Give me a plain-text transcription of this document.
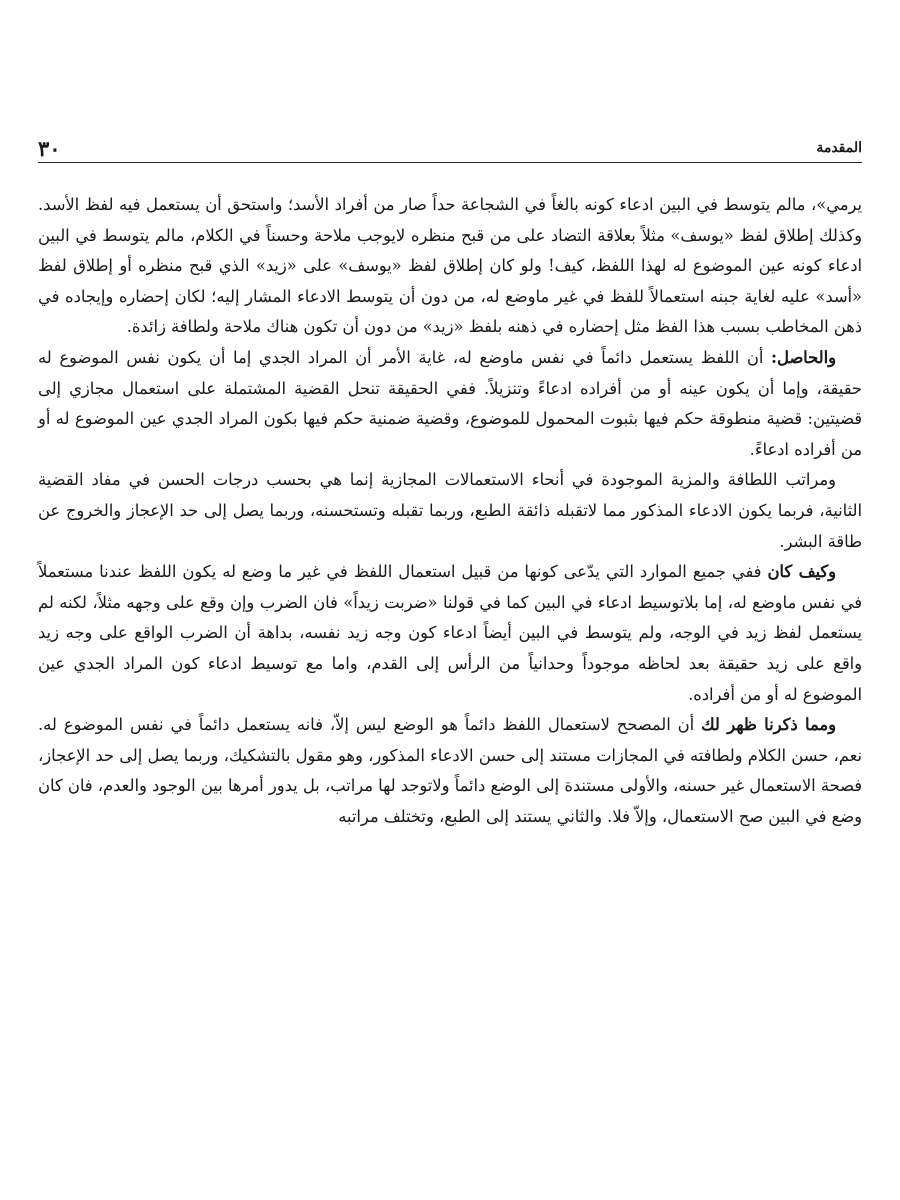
٣٠	المقدمة

يرمي»، مالم يتوسط في البين ادعاء كونه بالغاً في الشجاعة حداً صار من أفراد الأسد؛ واستحق أن يستعمل فيه لفظ الأسد. وكذلك إطلاق لفظ «يوسف» مثلاً بعلاقة التضاد على من قبح منظره لايوجب ملاحة وحسناً في الكلام، مالم يتوسط في البين ادعاء كونه عين الموضوع له لهذا اللفظ، كيف! ولو كان إطلاق لفظ «يوسف» على «زيد» الذي قبح منظره أو إطلاق لفظ «أسد» عليه لغاية جبنه استعمالاً للفظ في غير ماوضع له، من دون أن يتوسط الادعاء المشار إليه؛ لكان إحضاره وإيجاده في ذهن المخاطب بسبب هذا الفظ مثل إحضاره في ذهنه بلفظ «زيد» من دون أن تكون هناك ملاحة ولطافة زائدة.

والحاصل: أن اللفظ يستعمل دائماً في نفس ماوضع له، غاية الأمر أن المراد الجدي إما أن يكون نفس الموضوع له حقيقة، وإما أن يكون عينه أو من أفراده ادعاءً وتنزيلاً. ففي الحقيقة تنحل القضية المشتملة على استعمال مجازي إلى قضيتين: قضية منطوقة حكم فيها بثبوت المحمول للموضوع، وقضية ضمنية حكم فيها بكون المراد الجدي عين الموضوع له أو من أفراده ادعاءً.

ومراتب اللطافة والمزية الموجودة في أنحاء الاستعمالات المجازية إنما هي بحسب درجات الحسن في مفاد القضية الثانية، فربما يكون الادعاء المذكور مما لاتقبله ذائقة الطبع، وربما تقبله وتستحسنه، وربما يصل إلى حد الإعجاز والخروج عن طاقة البشر.

وكيف كان ففي جميع الموارد التي يدّعى كونها من قبيل استعمال اللفظ في غير ما وضع له يكون اللفظ عندنا مستعملاً في نفس ماوضع له، إما بلاتوسيط ادعاء في البين كما في قولنا «ضربت زيداً» فان الضرب وإن وقع على وجهه مثلاً، لكنه لم يستعمل لفظ زيد في الوجه، ولم يتوسط في البين أيضاً ادعاء كون وجه زيد نفسه، بداهة أن الضرب الواقع على وجه زيد واقع على زيد حقيقة بعد لحاظه موجوداً وحدانياً من الرأس إلى القدم، واما مع توسيط ادعاء كون المراد الجدي عين الموضوع له أو من أفراده.

ومما ذكرنا ظهر لك أن المصحح لاستعمال اللفظ دائماً هو الوضع ليس إلاّ، فانه يستعمل دائماً في نفس الموضوع له. نعم، حسن الكلام ولطافته في المجازات مستند إلى حسن الادعاء المذكور، وهو مقول بالتشكيك، وربما يصل إلى حد الإعجاز، فصحة الاستعمال غير حسنه، والأولى مستندة إلى الوضع دائماً ولاتوجد لها مراتب، بل يدور أمرها بين الوجود والعدم، فان كان وضع في البين صح الاستعمال، وإلاّ فلا. والثاني يستند إلى الطبع، وتختلف مراتبه
